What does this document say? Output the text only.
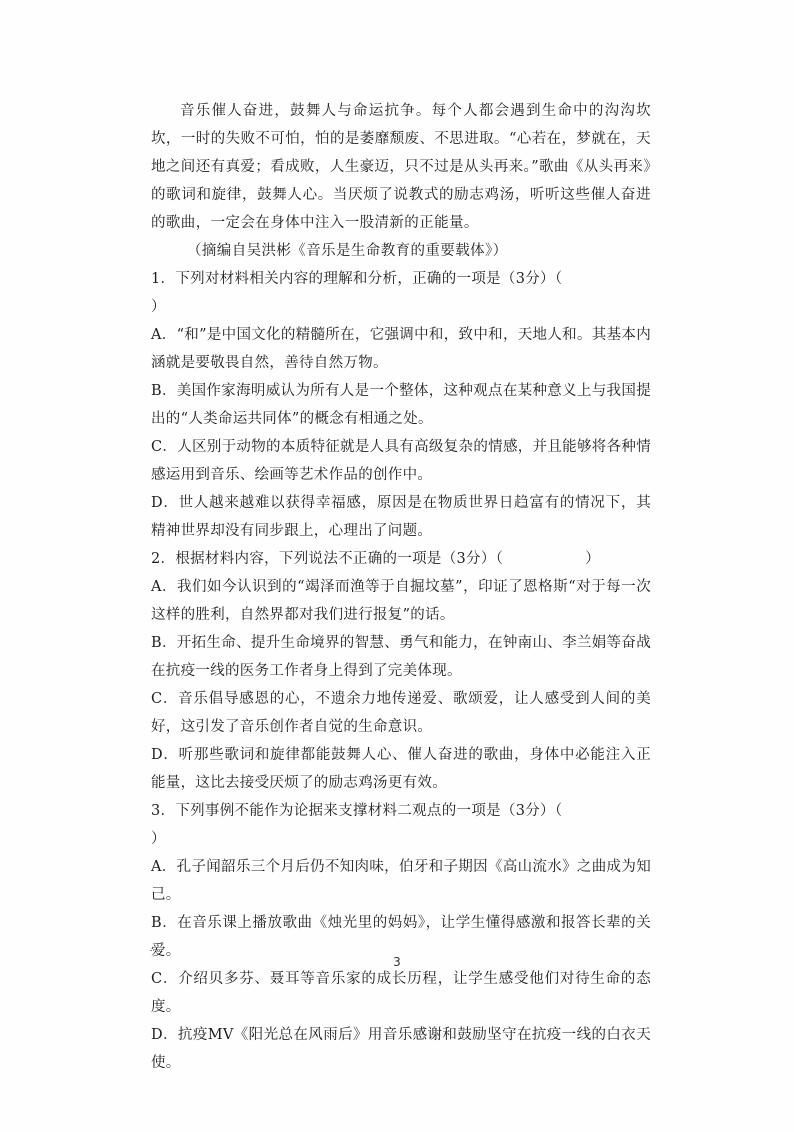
音乐催人奋进，鼓舞人与命运抗争。每个人都会遇到生命中的沟沟坎坎，一时的失败不可怕，怕的是萎靡颓废、不思进取。“心若在，梦就在，天地之间还有真爱；看成败，人生豪迈，只不过是从头再来。”歌曲《从头再来》的歌词和旋律，鼓舞人心。当厌烦了说教式的励志鸡汤，听听这些催人奋进的歌曲，一定会在身体中注入一股清新的正能量。

（摘编自吴洪彬《音乐是生命教育的重要载体》）

1．下列对材料相关内容的理解和分析，正确的一项是（3分）（）

A．“和”是中国文化的精髓所在，它强调中和，致中和，天地人和。其基本内涵就是要敬畏自然，善待自然万物。

B．美国作家海明威认为所有人是一个整体，这种观点在某种意义上与我国提出的“人类命运共同体”的概念有相通之处。

C．人区别于动物的本质特征就是人具有高级复杂的情感，并且能够将各种情感运用到音乐、绘画等艺术作品的创作中。

D．世人越来越难以获得幸福感，原因是在物质世界日趋富有的情况下，其精神世界却没有同步跟上，心理出了问题。

2．根据材料内容，下列说法不正确的一项是（3分）（	）

A．我们如今认识到的“竭泽而渔等于自掘坟墓”，印证了恩格斯“对于每一次这样的胜利，自然界都对我们进行报复”的话。

B．开拓生命、提升生命境界的智慧、勇气和能力，在钟南山、李兰娟等奋战在抗疫一线的医务工作者身上得到了完美体现。

C．音乐倡导感恩的心，不遗余力地传递爱、歌颂爱，让人感受到人间的美好，这引发了音乐创作者自觉的生命意识。

D．听那些歌词和旋律都能鼓舞人心、催人奋进的歌曲，身体中必能注入正能量，这比去接受厌烦了的励志鸡汤更有效。

3．下列事例不能作为论据来支撑材料二观点的一项是（3分）（）

A．孔子闻韶乐三个月后仍不知肉味，伯牙和子期因《高山流水》之曲成为知己。

B．在音乐课上播放歌曲《烛光里的妈妈》，让学生懂得感激和报答长辈的关爱。

C．介绍贝多芬、聂耳等音乐家的成长历程，让学生感受他们对待生命的态度。

D．抗疫MV《阳光总在风雨后》用音乐感谢和鼓励坚守在抗疫一线的白衣天使。

3
